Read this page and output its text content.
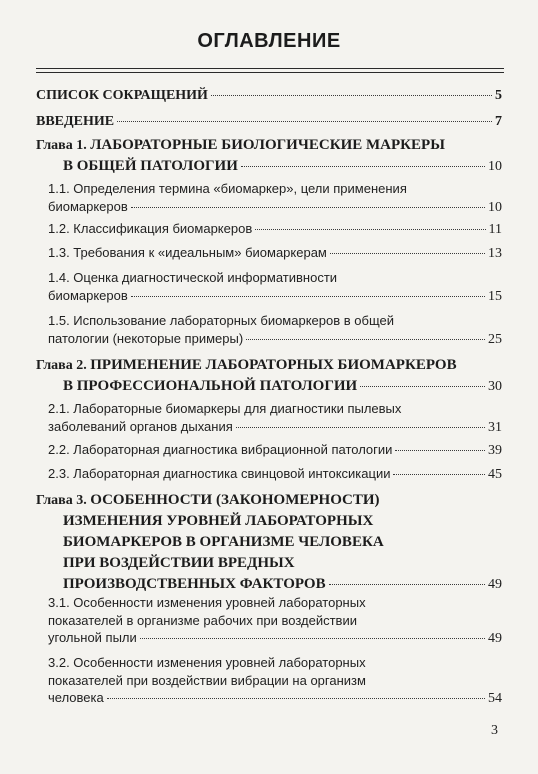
ОГЛАВЛЕНИЕ
СПИСОК СОКРАЩЕНИЙ	5
ВВЕДЕНИЕ	7
Глава 1. ЛАБОРАТОРНЫЕ БИОЛОГИЧЕСКИЕ МАРКЕРЫ
В ОБЩЕЙ ПАТОЛОГИИ	10
1.1. Определения термина «биомаркер», цели применения
биомаркеров	10
1.2. Классификация биомаркеров	11
1.3. Требования к «идеальным» биомаркерам	13
1.4. Оценка диагностической информативности
биомаркеров	15
1.5. Использование лабораторных биомаркеров в общей
патологии (некоторые примеры)	25
Глава 2. ПРИМЕНЕНИЕ ЛАБОРАТОРНЫХ БИОМАРКЕРОВ
В ПРОФЕССИОНАЛЬНОЙ ПАТОЛОГИИ	30
2.1. Лабораторные биомаркеры для диагностики пылевых
заболеваний органов дыхания	31
2.2. Лабораторная диагностика вибрационной патологии	39
2.3. Лабораторная диагностика свинцовой интоксикации	45
Глава 3. ОСОБЕННОСТИ (ЗАКОНОМЕРНОСТИ)
ИЗМЕНЕНИЯ УРОВНЕЙ ЛАБОРАТОРНЫХ
БИОМАРКЕРОВ В ОРГАНИЗМЕ ЧЕЛОВЕКА
ПРИ ВОЗДЕЙСТВИИ ВРЕДНЫХ
ПРОИЗВОДСТВЕННЫХ ФАКТОРОВ	49
3.1. Особенности изменения уровней лабораторных
показателей в организме рабочих при воздействии
угольной пыли	49
3.2. Особенности изменения уровней лабораторных
показателей при воздействии вибрации на организм
человека	54
3
